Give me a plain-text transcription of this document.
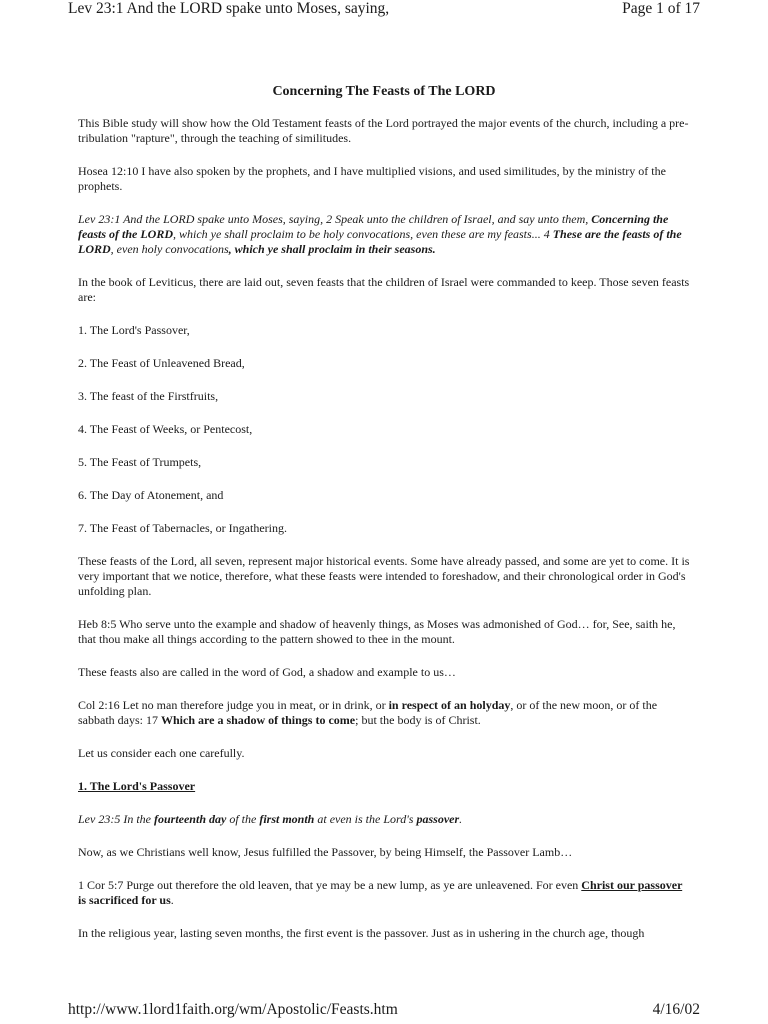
Lev 23:1 And the LORD spake unto Moses, saying,	Page 1 of 17
Concerning The Feasts of The LORD

This Bible study will show how the Old Testament feasts of the Lord portrayed the major events of the church, including a pre-tribulation "rapture", through the teaching of similitudes.

Hosea 12:10 I have also spoken by the prophets, and I have multiplied visions, and used similitudes, by the ministry of the prophets.

Lev 23:1 And the LORD spake unto Moses, saying, 2 Speak unto the children of Israel, and say unto them, Concerning the feasts of the LORD, which ye shall proclaim to be holy convocations, even these are my feasts... 4 These are the feasts of the LORD, even holy convocations, which ye shall proclaim in their seasons.

In the book of Leviticus, there are laid out, seven feasts that the children of Israel were commanded to keep. Those seven feasts are:

1. The Lord's Passover,
2. The Feast of Unleavened Bread,
3. The feast of the Firstfruits,
4. The Feast of Weeks, or Pentecost,
5. The Feast of Trumpets,
6. The Day of Atonement, and
7. The Feast of Tabernacles, or Ingathering.

These feasts of the Lord, all seven, represent major historical events. Some have already passed, and some are yet to come. It is very important that we notice, therefore, what these feasts were intended to foreshadow, and their chronological order in God's unfolding plan.

Heb 8:5 Who serve unto the example and shadow of heavenly things, as Moses was admonished of God… for, See, saith he, that thou make all things according to the pattern showed to thee in the mount.

These feasts also are called in the word of God, a shadow and example to us…

Col 2:16 Let no man therefore judge you in meat, or in drink, or in respect of an holyday, or of the new moon, or of the sabbath days: 17 Which are a shadow of things to come; but the body is of Christ.

Let us consider each one carefully.

1. The Lord's Passover

Lev 23:5 In the fourteenth day of the first month at even is the Lord's passover.

Now, as we Christians well know, Jesus fulfilled the Passover, by being Himself, the Passover Lamb…

1 Cor 5:7 Purge out therefore the old leaven, that ye may be a new lump, as ye are unleavened. For even Christ our passover is sacrificed for us.

In the religious year, lasting seven months, the first event is the passover. Just as in ushering in the church age, though

http://www.1lord1faith.org/wm/Apostolic/Feasts.htm	4/16/02
